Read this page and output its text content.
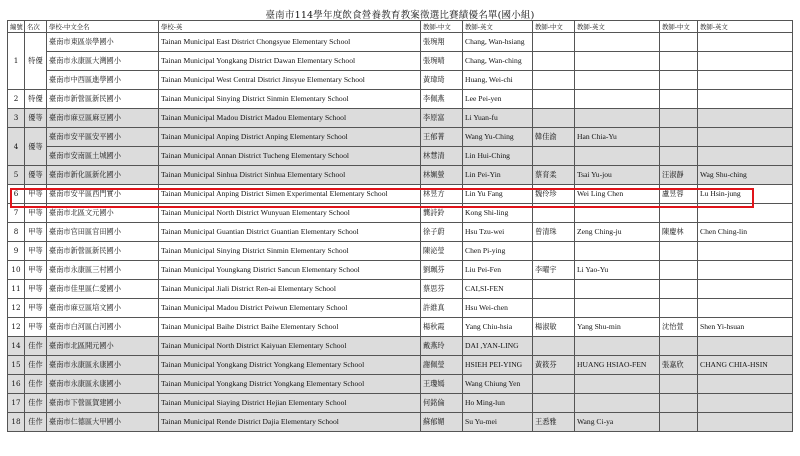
臺南市114學年度飲食營養教育教案徵選比賽績優名單(國小組)
編號	名次	學校-中文全名	學校-英	教師-中文	教師-英文	教師-中文	教師-英文	教師-中文	教師-英文
1	特優	臺南市東區崇學國小	Tainan Municipal East District Chongsyue Elementary School	張琬翔	Chang, Wan-hsiang				
		臺南市永康區大灣國小	Tainan Municipal Yongkang District Dawan Elementary School	張琬晴	Chang, Wan-ching				
		臺南市中西區進學國小	Tainan Municipal West Central District Jinsyue Elementary School	黃瑋琦	Huang, Wei-chi				
2	特優	臺南市新營區新民國小	Tainan Municipal Sinying District Sinmin Elementary School	李佩燕	Lee Pei-yen				
3	優等	臺南市麻豆區麻豆國小	Tainan Municipal Madou District Madou Elementary School	李原富	Li Yuan-fu				
4	優等	臺南市安平區安平國小	Tainan Municipal Anping District Anping Elementary School	王郁菁	Wang Yu-Ching	韓佳渝	Han Chia-Yu		
		臺南市安南區土城國小	Tainan Municipal Annan District Tucheng Elementary School	林慧清	Lin Hui-Ching				
5	優等	臺南市新化區新化國小	Tainan Municipal Sinhua District Sinhua Elementary School	林姵螢	Lin Pei-Yin	蔡育柔	Tsai Yu-jou	汪淑靜	Wag Shu-ching
6	甲等	臺南市安平區西門實小	Tainan Municipal Anping District Simen Experimental Elementary School	林昱方	Lin Yu Fang	魏伶珍	Wei Ling Chen	盧昱蓉	Lu Hsin-jung
7	甲等	臺南市北區文元國小	Tainan Municipal North District Wunyuan Elementary School	龔詩鈴	Kong Shi-ling				
8	甲等	臺南市官田區官田國小	Tainan Municipal Guantian District Guantian Elementary School	徐子蔚	Hsu Tzu-wei	曾清珠	Zeng Ching-ju	陳慶林	Chen Ching-lin
9	甲等	臺南市新營區新民國小	Tainan Municipal Sinying District Sinmin Elementary School	陳泌瑩	Chen Pi-ying				
10	甲等	臺南市永康區三村國小	Tainan Municipal Youngkang District Sancun Elementary School	劉珮芬	Liu Pei-Fen	李曜宇	Li Yao-Yu		
11	甲等	臺南市佳里區仁愛國小	Tainan Municipal Jiali District Ren-ai Elementary School	蔡思芬	CAI,SI-FEN				
12	甲等	臺南市麻豆區培文國小	Tainan Municipal Madou District Peiwun Elementary School	許維真	Hsu Wei-chen				
12	甲等	臺南市白河區白河國小	Tainan Municipal Baihe District Baihe Elementary School	楊秋霞	Yang Chiu-hsia	楊淑敏	Yang Shu-min	沈怡萱	Shen Yi-hsuan
14	佳作	臺南市北區開元國小	Tainan Municipal North District Kaiyuan Elementary School	戴燕玲	DAI ,YAN-LING				
15	佳作	臺南市永康區永康國小	Tainan Municipal Yongkang District Yongkang Elementary School	謝佩瑩	HSIEH PEI-YING	黃筱芬	HUANG HSIAO-FEN	張嘉欣	CHANG CHIA-HSIN
16	佳作	臺南市永康區永康國小	Tainan Municipal Yongkang District Yongkang Elementary School	王瓊嫣	Wang Chiung Yen				
17	佳作	臺南市下營區賀建國小	Tainan Municipal Siaying District Hejian Elementary School	何銘倫	Ho Ming-lun				
18	佳作	臺南市仁德區大甲國小	Tainan Municipal Rende District Dajia Elementary School	蘇郁媚	Su Yu-mei	王悉雅	Wang Ci-ya		
